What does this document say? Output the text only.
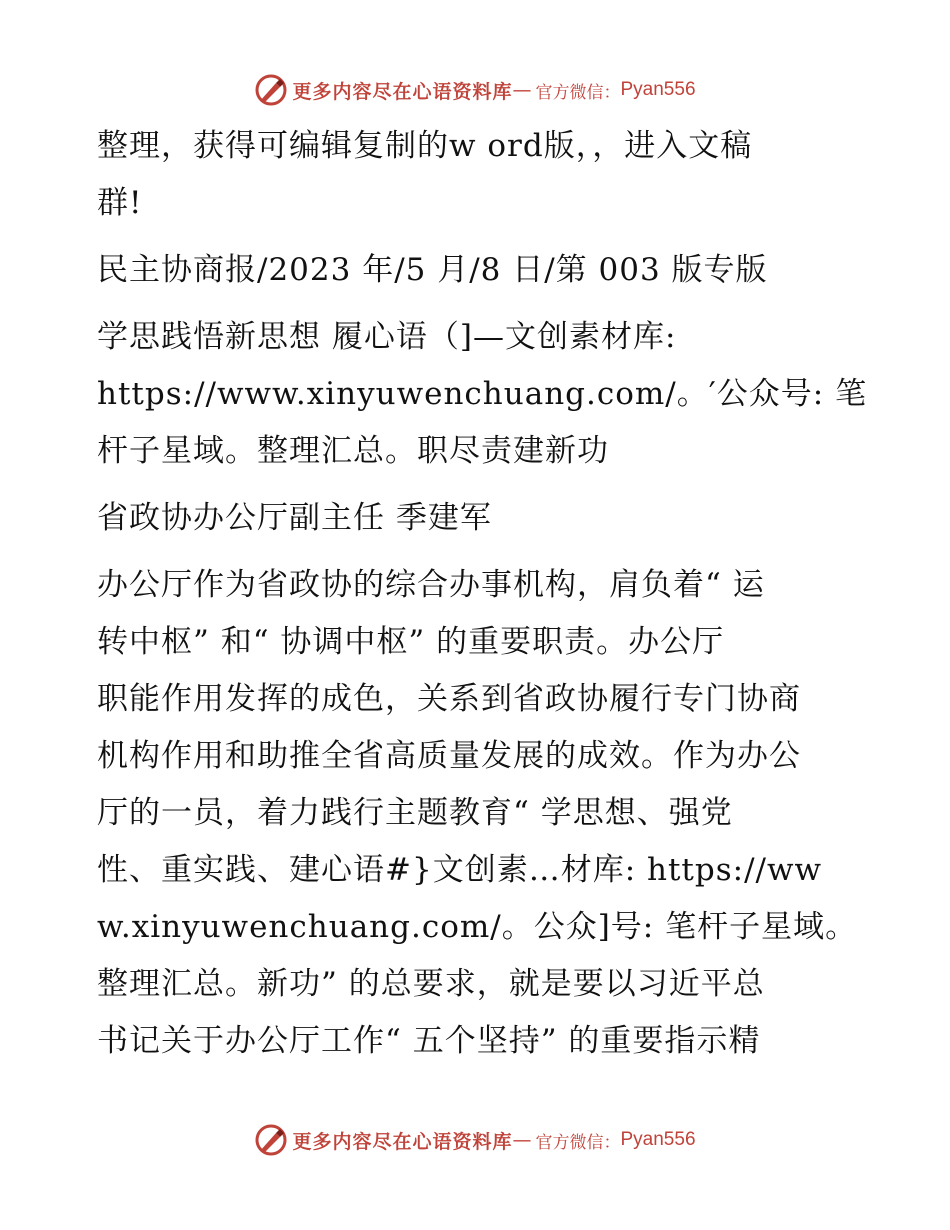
更多内容尽在心语资料库 — 官方微信： Pyan556
整理，获得可编辑复制的w ord版，，进入文稿
群!
民主协商报/2023 年/5 月/8 日/第 003 版专版
学思践悟新思想 履心语（]—文创素材库:
https://www.xinyuwenchuang.com/。′公众号: 笔
杆子星域。整理汇总。职尽责建新功
省政协办公厅副主任 季建军
办公厅作为省政协的综合办事机构，肩负着“ 运
转中枢” 和“ 协调中枢” 的重要职责。办公厅
职能作用发挥的成色，关系到省政协履行专门协商
机构作用和助推全省高质量发展的成效。作为办公
厅的一员，着力践行主题教育“ 学思想、强党
性、重实践、建心语#}文创素…材库: https://ww
w.xinyuwenchuang.com/。公众]号: 笔杆子星域。
整理汇总。新功” 的总要求，就是要以习近平总
书记关于办公厅工作“ 五个坚持” 的重要指示精
更多内容尽在心语资料库 — 官方微信： Pyan556
